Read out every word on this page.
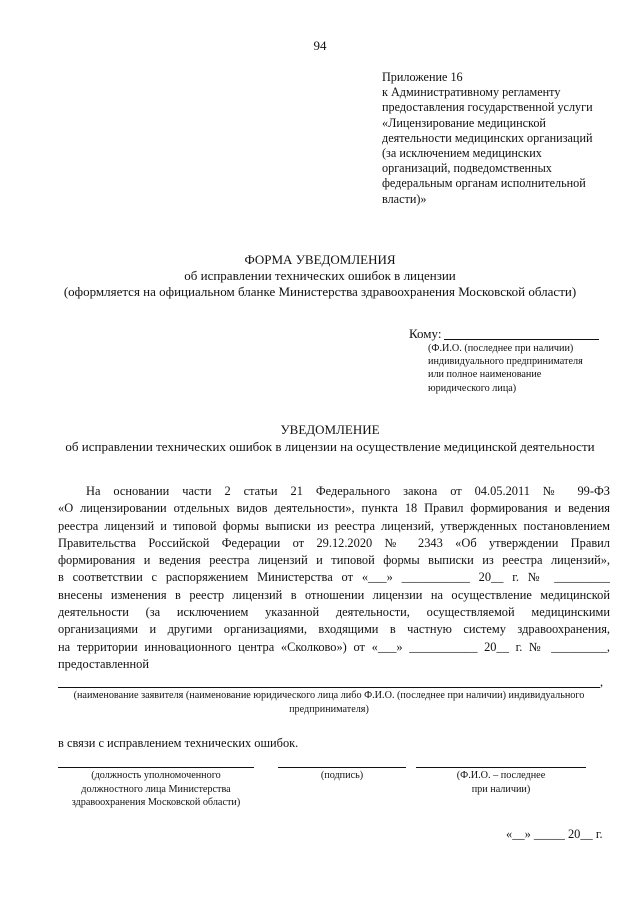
94
Приложение 16
к Административному регламенту
предоставления государственной услуги
«Лицензирование медицинской
деятельности медицинских организаций
(за исключением медицинских
организаций, подведомственных
федеральным органам исполнительной
власти)»
ФОРМА УВЕДОМЛЕНИЯ
об исправлении технических ошибок в лицензии
(оформляется на официальном бланке Министерства здравоохранения Московской области)
Кому:
(Ф.И.О. (последнее при наличии)
индивидуального предпринимателя
или полное наименование
юридического лица)
УВЕДОМЛЕНИЕ
об исправлении технических ошибок в лицензии на осуществление медицинской деятельности
На основании части 2 статьи 21 Федерального закона от 04.05.2011 № 99-ФЗ
«О лицензировании отдельных видов деятельности», пункта 18 Правил формирования и ведения
реестра лицензий и типовой формы выписки из реестра лицензий, утвержденных постановлением
Правительства Российской Федерации от 29.12.2020 № 2343 «Об утверждении Правил
формирования и ведения реестра лицензий и типовой формы выписки из реестра лицензий»,
в соответствии с распоряжением Министерства от «___» ___________ 20__ г. № _________
внесены изменения в реестр лицензий в отношении лицензии на осуществление медицинской
деятельности (за исключением указанной деятельности, осуществляемой медицинскими
организациями и другими организациями, входящими в частную систему здравоохранения,
на территории инновационного центра «Сколково») от «___» ___________ 20__ г. № _________,
предоставленной
,
(наименование заявителя (наименование юридического лица либо Ф.И.О. (последнее при наличии) индивидуального
предпринимателя)
в связи с исправлением технических ошибок.
(должность уполномоченного
должностного лица Министерства
здравоохранения Московской области)
(подпись)	(Ф.И.О. – последнее
при наличии)
«__» _____ 20__ г.
